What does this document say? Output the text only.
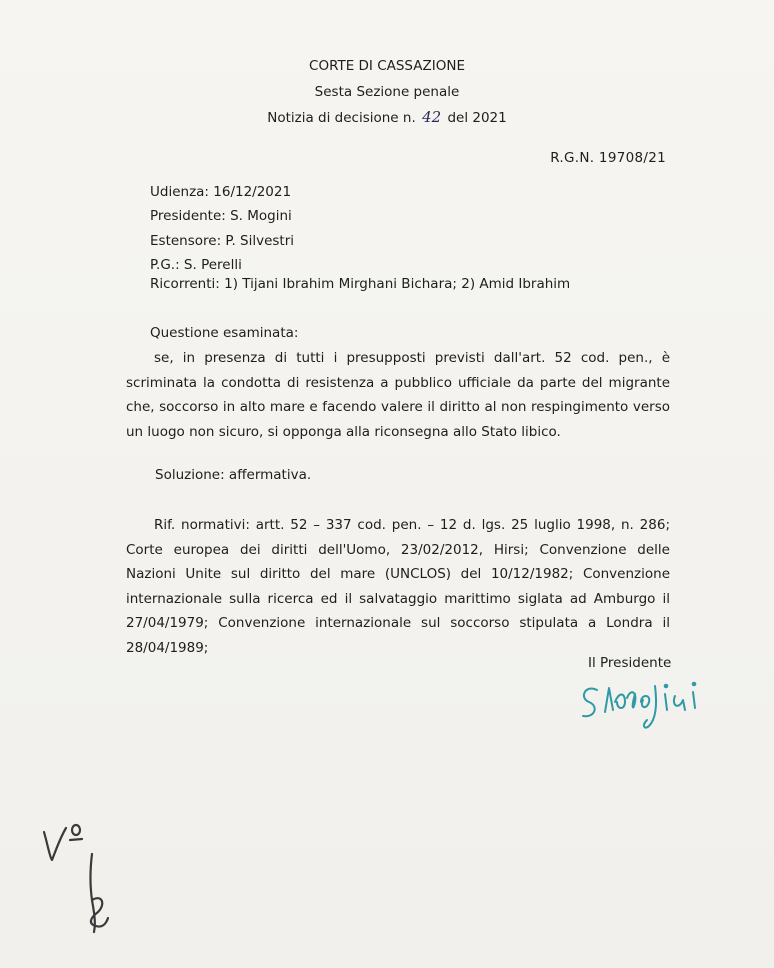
CORTE DI CASSAZIONE
Sesta Sezione penale
Notizia di decisione n. 42 del 2021
R.G.N. 19708/21
Udienza: 16/12/2021
Presidente: S. Mogini
Estensore: P. Silvestri
P.G.: S. Perelli
Ricorrenti: 1) Tijani Ibrahim Mirghani Bichara; 2) Amid Ibrahim
Questione esaminata:

se, in presenza di tutti i presupposti previsti dall'art. 52 cod. pen., è scriminata la condotta di resistenza a pubblico ufficiale da parte del migrante che, soccorso in alto mare e facendo valere il diritto al non respingimento verso un luogo non sicuro, si opponga alla riconsegna allo Stato libico.

Soluzione: affermativa.

Rif. normativi: artt. 52 – 337 cod. pen. – 12 d. lgs. 25 luglio 1998, n. 286; Corte europea dei diritti dell'Uomo, 23/02/2012, Hirsi; Convenzione delle Nazioni Unite sul diritto del mare (UNCLOS) del 10/12/1982; Convenzione internazionale sulla ricerca ed il salvataggio marittimo siglata ad Amburgo il 27/04/1979; Convenzione internazionale sul soccorso stipulata a Londra il 28/04/1989;

Il Presidente
